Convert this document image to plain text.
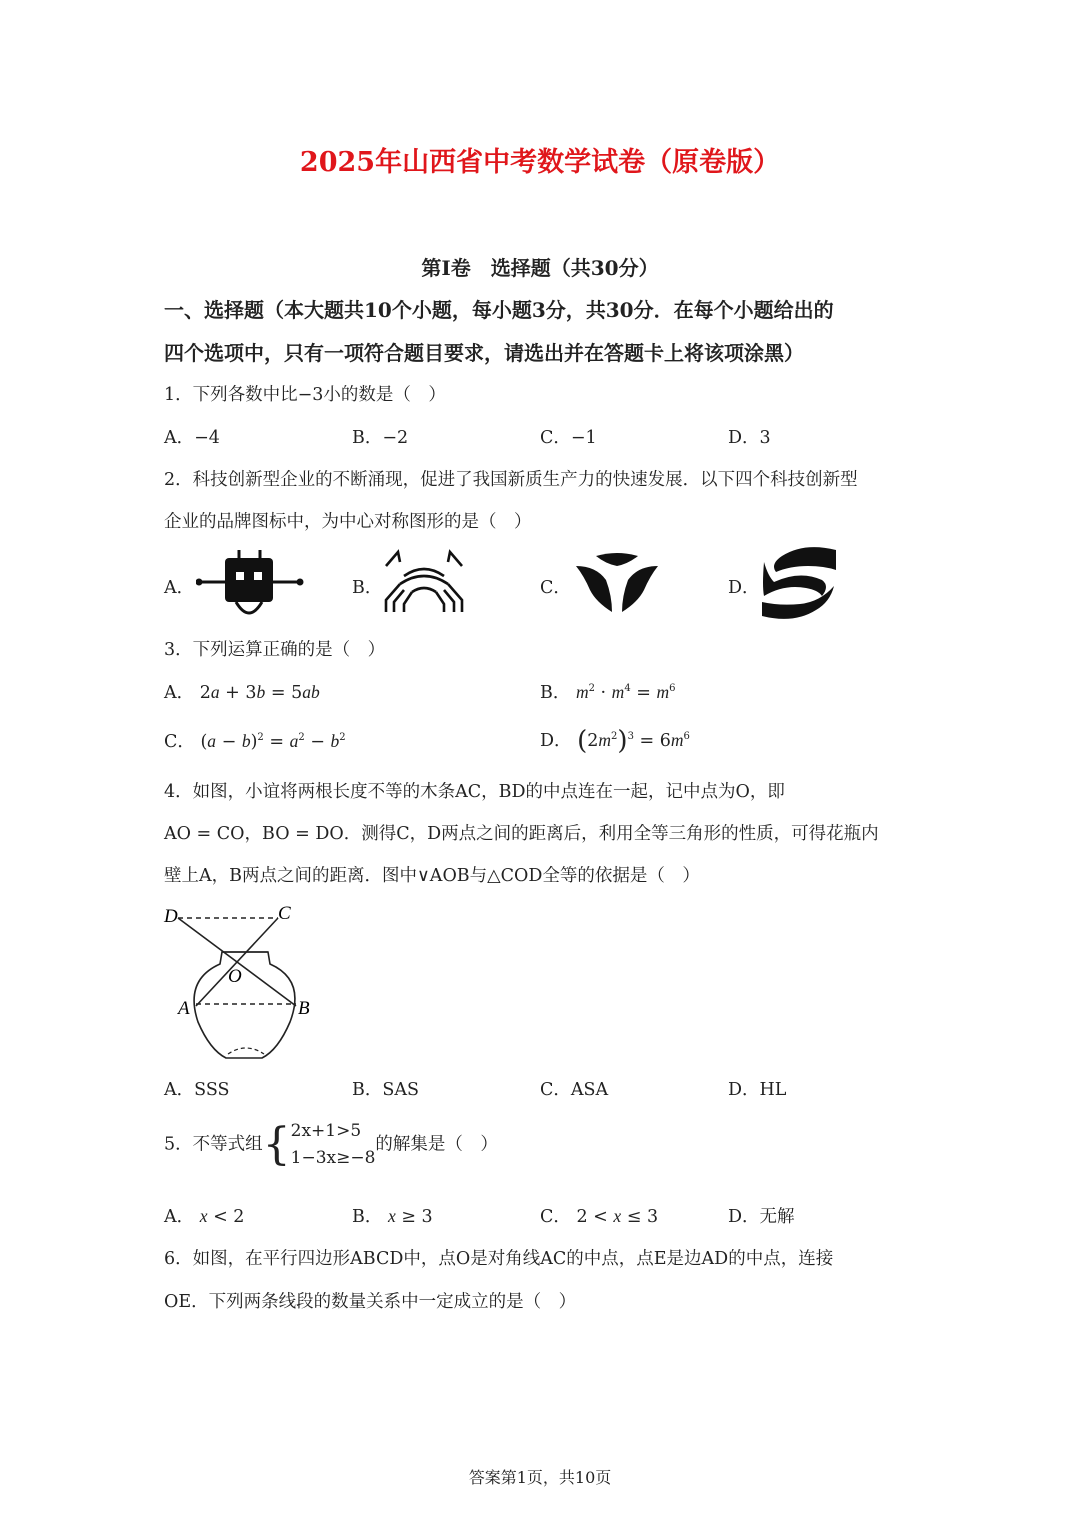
2025年山西省中考数学试卷（原卷版）
第I卷　选择题（共30分）
一、选择题（本大题共10个小题，每小题3分，共30分．在每个小题给出的
四个选项中，只有一项符合题目要求，请选出并在答题卡上将该项涂黑）
1．下列各数中比−3小的数是（　）
A．−4	B．−2	C．−1	D．3
2．科技创新型企业的不断涌现，促进了我国新质生产力的快速发展．以下四个科技创新型
企业的品牌图标中，为中心对称图形的是（　）
A．	B．	C．	D．
3．下列运算正确的是（　）
A． 2a + 3b = 5ab	B． $m^2 \cdot m^4 = m^6$
C． $(a - b)^2 = a^2 - b^2$	D． $(2m^2)^3 = 6m^6$
4．如图，小谊将两根长度不等的木条AC，BD的中点连在一起，记中点为O，即
AO = CO，BO = DO．测得C，D两点之间的距离后，利用全等三角形的性质，可得花瓶内
壁上A，B两点之间的距离．图中∨AOB与△COD全等的依据是（　）
D	C
O
A	B
A．SSS	B．SAS	C．ASA	D．HL
5．不等式组{2x+1>5
1−3x≥−8的解集是（　）
A． x < 2	B． x ≥ 3	C． 2 < x ≤ 3	D．无解
6．如图，在平行四边形ABCD中，点O是对角线AC的中点，点E是边AD的中点，连接
OE．下列两条线段的数量关系中一定成立的是（　）
答案第1页，共10页
